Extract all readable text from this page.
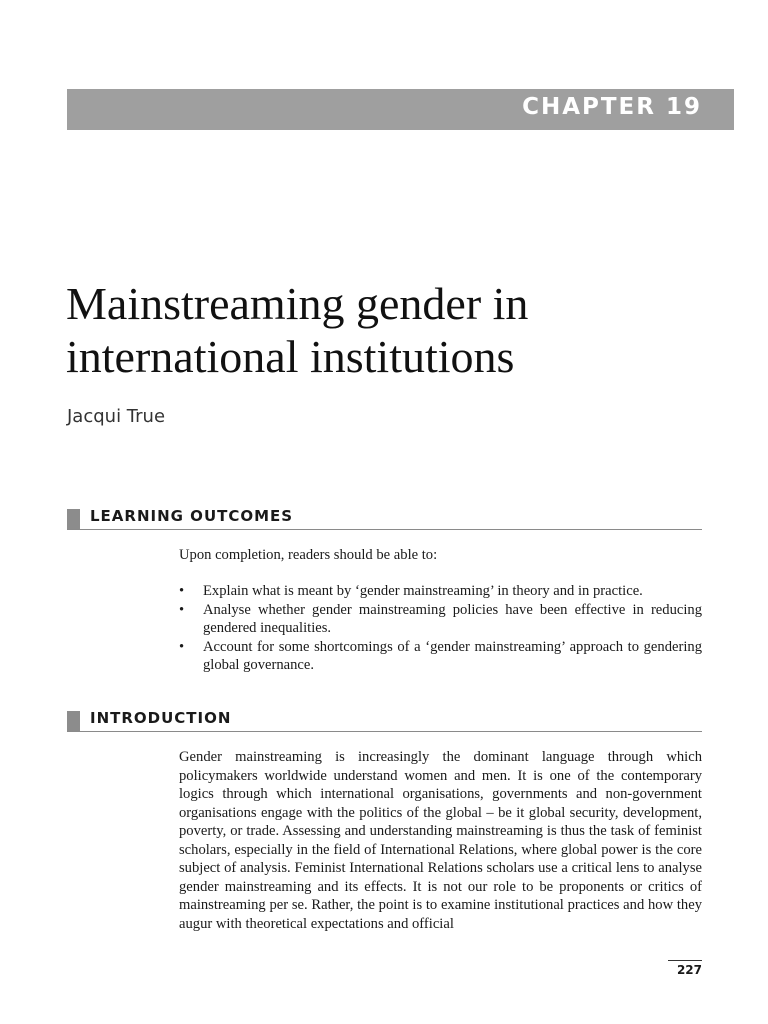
CHAPTER 19
Mainstreaming gender in
international institutions
Jacqui True
LEARNING OUTCOMES
Upon completion, readers should be able to:
• Explain what is meant by ‘gender mainstreaming’ in theory and in practice.
• Analyse whether gender mainstreaming policies have been effective in reducing gendered inequalities.
• Account for some shortcomings of a ‘gender mainstreaming’ approach to gendering global governance.
INTRODUCTION
Gender mainstreaming is increasingly the dominant language through which policymakers worldwide understand women and men. It is one of the contemporary logics through which international organisations, governments and non-government organisations engage with the politics of the global – be it global security, development, poverty, or trade. Assessing and understanding mainstreaming is thus the task of feminist scholars, especially in the field of International Relations, where global power is the core subject of analysis. Feminist International Relations scholars use a critical lens to analyse gender mainstreaming and its effects. It is not our role to be proponents or critics of mainstreaming per se. Rather, the point is to examine institutional practices and how they augur with theoretical expectations and official
227
